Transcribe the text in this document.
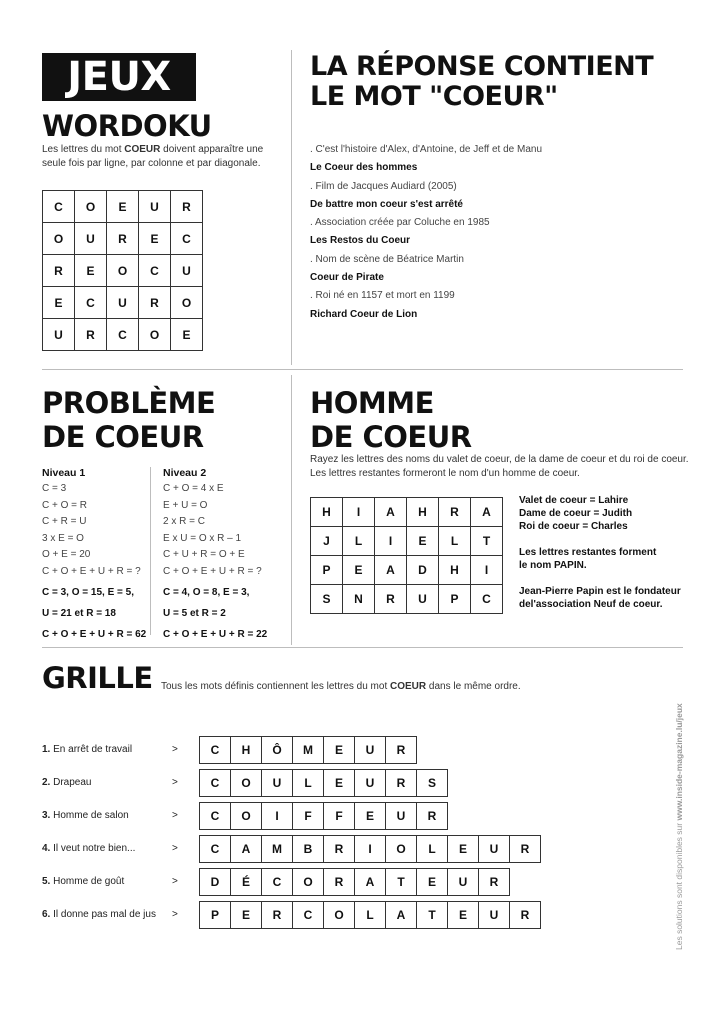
JEUX
WORDOKU
Les lettres du mot COEUR doivent apparaître une seule fois par ligne, par colonne et par diagonale.
C	O	E	U	R
O	U	R	E	C
R	E	O	C	U
E	C	U	R	O
U	R	C	O	E
LA RÉPONSE CONTIENT
LE MOT "COEUR"
. C'est l'histoire d'Alex, d'Antoine, de Jeff et de Manu
Le Coeur des hommes
. Film de Jacques Audiard (2005)
De battre mon coeur s'est arrêté
. Association créée par Coluche en 1985
Les Restos du Coeur
. Nom de scène de Béatrice Martin
Coeur de Pirate
. Roi né en 1157 et mort en 1199
Richard Coeur de Lion
PROBLÈME
DE COEUR
Niveau 1
C = 3
C + O = R
C + R = U
3 x E = O
O + E = 20
C + O + E + U + R = ?
Niveau 2
C + O = 4 x E
E + U = O
2 x R = C
E x U = O x R – 1
C + U + R = O + E
C + O + E + U + R = ?
C = 3, O = 15, E = 5,
U = 21 et R = 18
C + O + E + U + R = 62
C = 4, O = 8, E = 3,
U = 5 et R = 2
C + O + E + U + R = 22
HOMME
DE COEUR
Rayez les lettres des noms du valet de coeur, de la dame de coeur et du roi de coeur.
Les lettres restantes formeront le nom d'un homme de coeur.
H	I	A	H	R	A
J	L	I	E	L	T
P	E	A	D	H	I
S	N	R	U	P	C
Valet de coeur = Lahire
Dame de coeur = Judith
Roi de coeur = Charles
Les lettres restantes forment
le nom PAPIN.
Jean-Pierre Papin est le fondateur
del'association Neuf de coeur.
GRILLE Tous les mots définis contiennent les lettres du mot COEUR dans le même ordre.
1. En arrêt de travail	>	C	H	Ô	M	E	U	R
2. Drapeau	>	C	O	U	L	E	U	R	S
3. Homme de salon	>	C	O	I	F	F	E	U	R
4. Il veut notre bien...	>	C	A	M	B	R	I	O	L	E	U	R
5. Homme de goût	>	D	É	C	O	R	A	T	E	U	R
6. Il donne pas mal de jus >	P	E	R	C	O	L	A	T	E	U	R	Les solutions sont disponibles sur www.inside-magazine.lu/jeux
